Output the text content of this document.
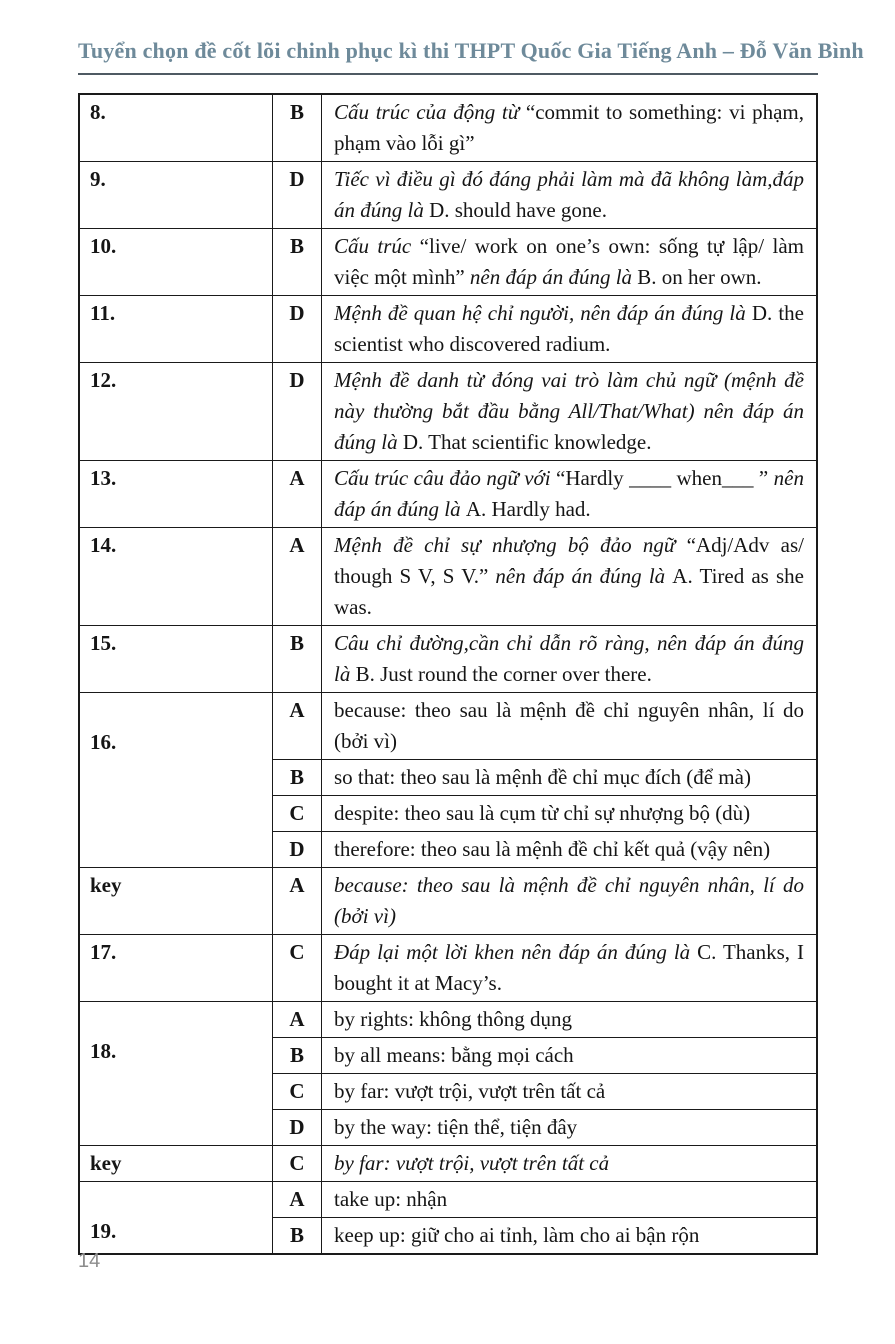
Tuyển chọn đề cốt lõi chinh phục kì thi THPT Quốc Gia Tiếng Anh – Đỗ Văn Bình
8.	B	Cấu trúc của động từ “commit to something: vi phạm, phạm vào lỗi gì”
9.	D	Tiếc vì điều gì đó đáng phải làm mà đã không làm,đáp án đúng là D. should have gone.
10.	B	Cấu trúc “live/ work on one’s own: sống tự lập/ làm việc một mình” nên đáp án đúng là B. on her own.
11.	D	Mệnh đề quan hệ chỉ người, nên đáp án đúng là D. the scientist who discovered radium.
12.	D	Mệnh đề danh từ đóng vai trò làm chủ ngữ (mệnh đề này thường bắt đầu bằng All/That/What) nên đáp án đúng là D. That scientific knowledge.
13.	A	Cấu trúc câu đảo ngữ với “Hardly ____ when___ ” nên đáp án đúng là A. Hardly had.
14.	A	Mệnh đề chỉ sự nhượng bộ đảo ngữ “Adj/Adv as/ though S V, S V.” nên đáp án đúng là A. Tired as she was.
15.	B	Câu chỉ đường,cần chỉ dẫn rõ ràng, nên đáp án đúng là B. Just round the corner over there.
16.	A	because: theo sau là mệnh đề chỉ nguyên nhân, lí do (bởi vì)
	B	so that: theo sau là mệnh đề chỉ mục đích (để mà)
	C	despite: theo sau là cụm từ chỉ sự nhượng bộ (dù)
	D	therefore: theo sau là mệnh đề chỉ kết quả (vậy nên)
key	A	because: theo sau là mệnh đề chỉ nguyên nhân, lí do (bởi vì)
17.	C	Đáp lại một lời khen nên đáp án đúng là C. Thanks, I bought it at Macy’s.
18.	A	by rights: không thông dụng
	B	by all means: bằng mọi cách
	C	by far: vượt trội, vượt trên tất cả
	D	by the way: tiện thể, tiện đây
key	C	by far: vượt trội, vượt trên tất cả
19.	A	take up: nhận
	B	keep up: giữ cho ai tỉnh, làm cho ai bận rộn
14
